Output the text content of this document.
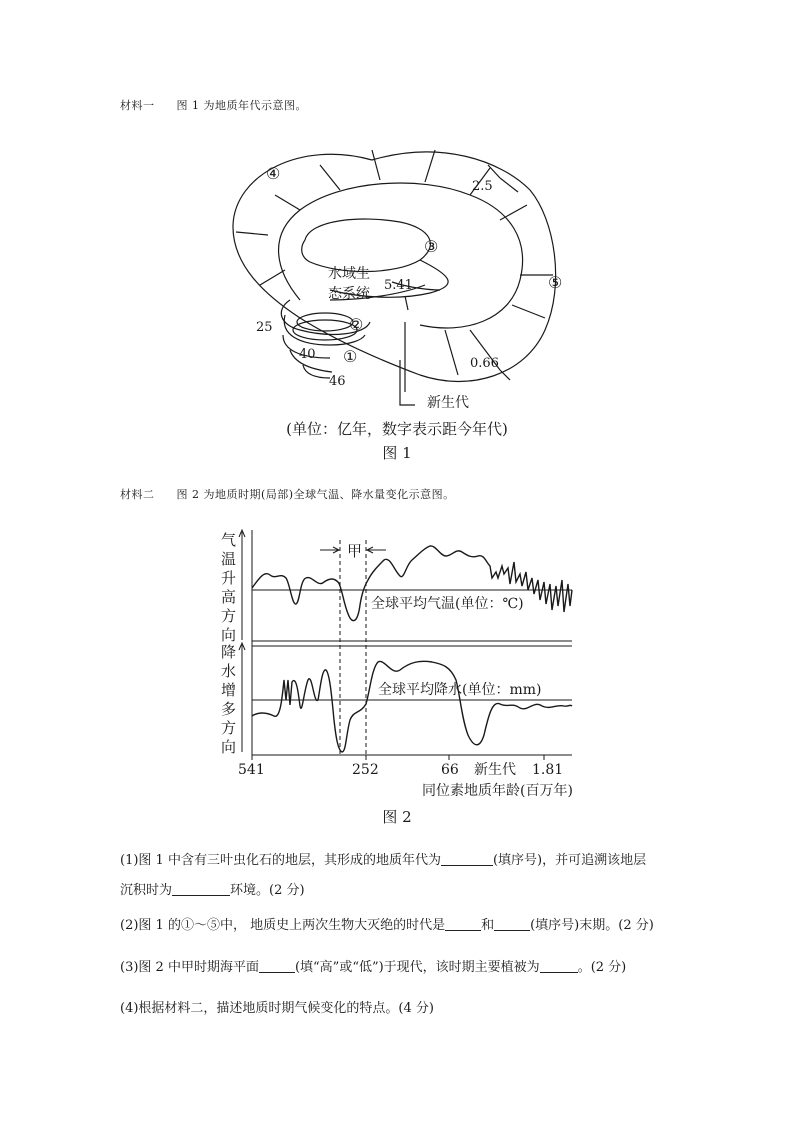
材料一 图 1 为地质年代示意图。
④
③
⑤
②
①
2.5
5.41
25
40
46
0.66
水域生
态系统
新生代
(单位：亿年，数字表示距今年代)
图 1
材料二 图 2 为地质时期(局部)全球气温、降水量变化示意图。
气
温
升
高
方
向
降
水
增
多
方
向
甲
全球平均气温(单位：℃)
全球平均降水(单位：mm)
541	252	66 新生代 1.81
同位素地质年龄(百万年)
图 2
(1)图 1 中含有三叶虫化石的地层，其形成的地质年代为	(填序号)，并可追溯该地层
沉积时为	环境。(2 分)
(2)图 1 的①～⑤中， 地质史上两次生物大灭绝的时代是	和	(填序号)末期。(2 分)
(3)图 2 中甲时期海平面	(填“高”或“低”)于现代，该时期主要植被为	。(2 分)
(4)根据材料二，描述地质时期气候变化的特点。(4 分)
